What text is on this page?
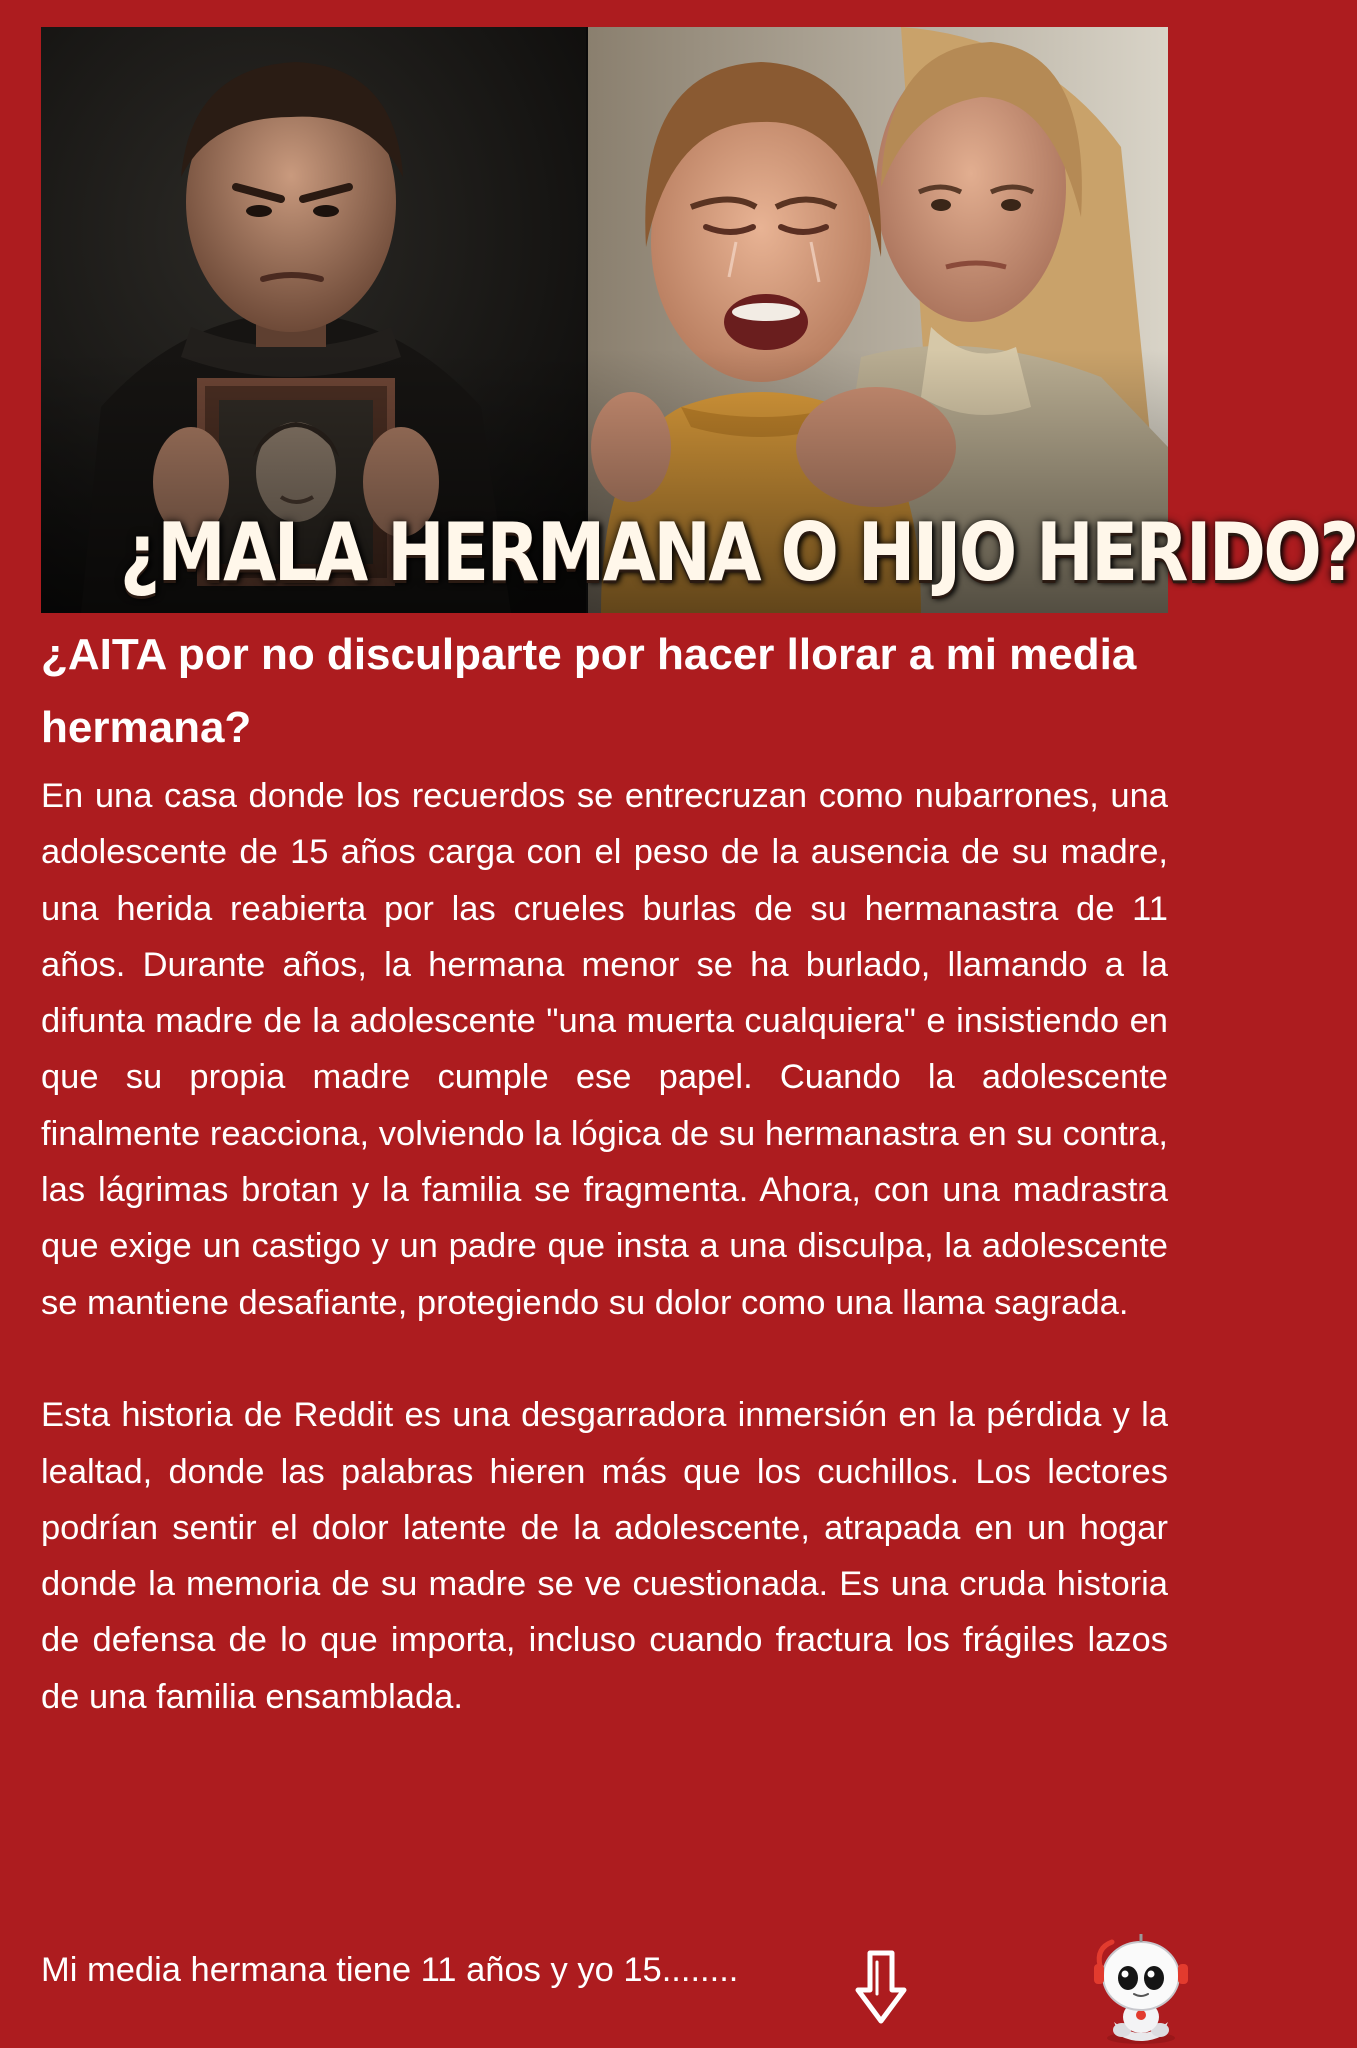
¿MALA HERMANA O HIJO HERIDO?
¿AITA por no disculparte por hacer llorar a mi media hermana?

En una casa donde los recuerdos se entrecruzan como nubarrones, una adolescente de 15 años carga con el peso de la ausencia de su madre, una herida reabierta por las crueles burlas de su hermanastra de 11 años. Durante años, la hermana menor se ha burlado, llamando a la difunta madre de la adolescente "una muerta cualquiera" e insistiendo en que su propia madre cumple ese papel. Cuando la adolescente finalmente reacciona, volviendo la lógica de su hermanastra en su contra, las lágrimas brotan y la familia se fragmenta. Ahora, con una madrastra que exige un castigo y un padre que insta a una disculpa, la adolescente se mantiene desafiante, protegiendo su dolor como una llama sagrada.

Esta historia de Reddit es una desgarradora inmersión en la pérdida y la lealtad, donde las palabras hieren más que los cuchillos. Los lectores podrían sentir el dolor latente de la adolescente, atrapada en un hogar donde la memoria de su madre se ve cuestionada. Es una cruda historia de defensa de lo que importa, incluso cuando fractura los frágiles lazos de una familia ensamblada.

Mi media hermana tiene 11 años y yo 15........
